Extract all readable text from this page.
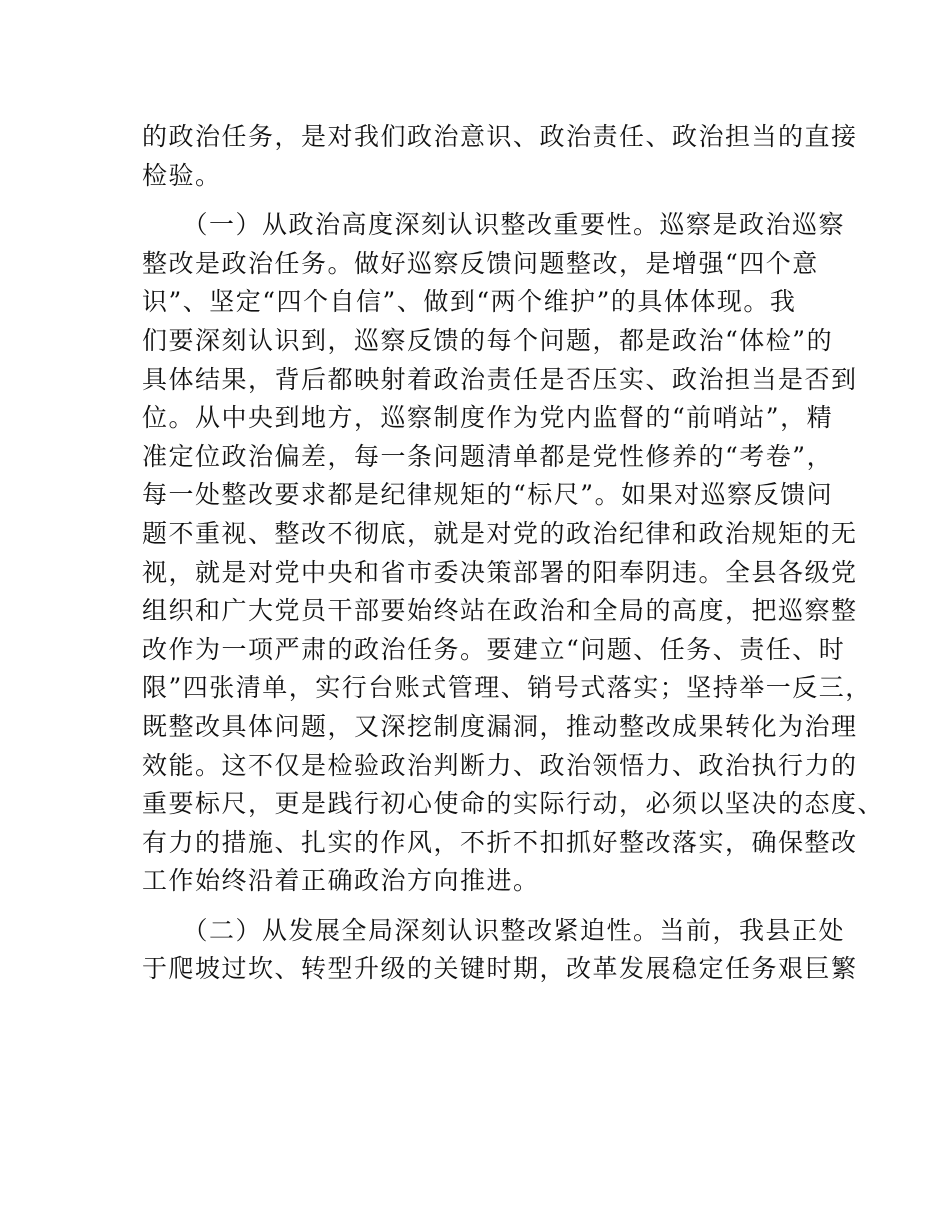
的政治任务，是对我们政治意识、政治责任、政治担当的直接
检验。

　　（一）从政治高度深刻认识整改重要性。巡察是政治巡察
整改是政治任务。做好巡察反馈问题整改，是增强“四个意
识”、坚定“四个自信”、做到“两个维护”的具体体现。我
们要深刻认识到，巡察反馈的每个问题，都是政治“体检”的
具体结果，背后都映射着政治责任是否压实、政治担当是否到
位。从中央到地方，巡察制度作为党内监督的“前哨站”，精
准定位政治偏差，每一条问题清单都是党性修养的“考卷”，
每一处整改要求都是纪律规矩的“标尺”。如果对巡察反馈问
题不重视、整改不彻底，就是对党的政治纪律和政治规矩的无
视，就是对党中央和省市委决策部署的阳奉阴违。全县各级党
组织和广大党员干部要始终站在政治和全局的高度，把巡察整
改作为一项严肃的政治任务。要建立“问题、任务、责任、时
限”四张清单，实行台账式管理、销号式落实；坚持举一反三，
既整改具体问题，又深挖制度漏洞，推动整改成果转化为治理
效能。这不仅是检验政治判断力、政治领悟力、政治执行力的
重要标尺，更是践行初心使命的实际行动，必须以坚决的态度、
有力的措施、扎实的作风，不折不扣抓好整改落实，确保整改
工作始终沿着正确政治方向推进。

　　（二）从发展全局深刻认识整改紧迫性。当前，我县正处
于爬坡过坎、转型升级的关键时期，改革发展稳定任务艰巨繁
